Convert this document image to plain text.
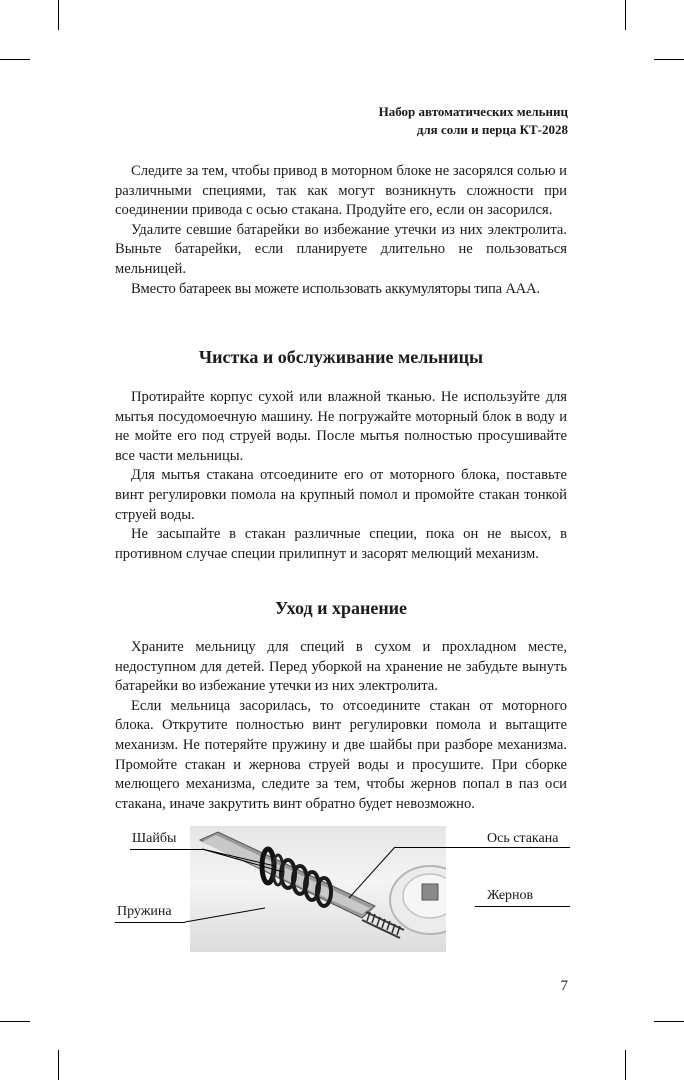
Набор автоматических мельниц
для соли и перца КТ-2028

Следите за тем, чтобы привод в моторном блоке не засорялся солью и различными специями, так как могут возникнуть сложности при соединении привода с осью стакана. Продуйте его, если он засорился.

Удалите севшие батарейки во избежание утечки из них электролита. Выньте батарейки, если планируете длительно не пользоваться мельницей.

Вместо батареек вы можете использовать аккумуляторы типа AAA.

Чистка и обслуживание мельницы

Протирайте корпус сухой или влажной тканью. Не используйте для мытья посудомоечную машину. Не погружайте моторный блок в воду и не мойте его под струей воды. После мытья полностью просушивайте все части мельницы.

Для мытья стакана отсоедините его от моторного блока, поставьте винт регулировки помола на крупный помол и промойте стакан тонкой струей воды.

Не засыпайте в стакан различные специи, пока он не высох, в противном случае специи прилипнут и засорят мелющий механизм.

Уход и хранение

Храните мельницу для специй в сухом и прохладном месте, недоступном для детей. Перед уборкой на хранение не забудьте вынуть батарейки во избежание утечки из них электролита.

Если мельница засорилась, то отсоедините стакан от моторного блока. Открутите полностью винт регулировки помола и вытащите механизм. Не потеряйте пружину и две шайбы при разборе механизма. Промойте стакан и жернова струей воды и просушите. При сборке мелющего механизма, следите за тем, чтобы жернов попал в паз оси стакана, иначе закрутить винт обратно будет невозможно.

Шайбы
Пружина
Ось стакана
Жернов
7
